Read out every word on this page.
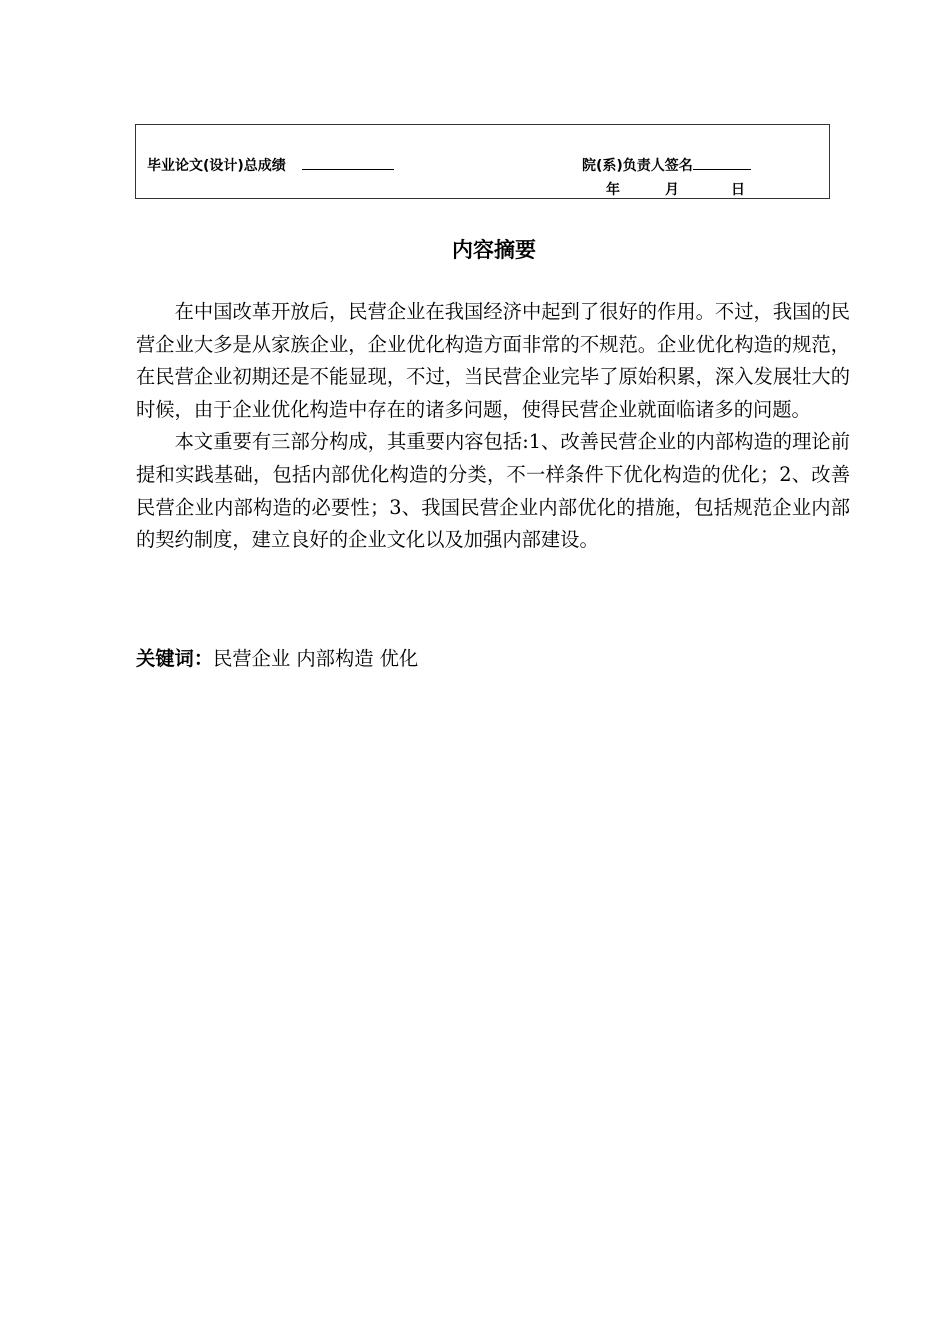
毕业论文(设计)总成绩	院(系)负责人签名
年	月	日
内容摘要

在中国改革开放后，民营企业在我国经济中起到了很好的作用。不过，我国的民营企业大多是从家族企业，企业优化构造方面非常的不规范。企业优化构造的规范，在民营企业初期还是不能显现，不过，当民营企业完毕了原始积累，深入发展壮大的时候，由于企业优化构造中存在的诸多问题，使得民营企业就面临诸多的问题。

本文重要有三部分构成，其重要内容包括:1、改善民营企业的内部构造的理论前提和实践基础，包括内部优化构造的分类，不一样条件下优化构造的优化；2、改善民营企业内部构造的必要性；3、我国民营企业内部优化的措施，包括规范企业内部的契约制度，建立良好的企业文化以及加强内部建设。

关键词：民营企业 内部构造 优化
